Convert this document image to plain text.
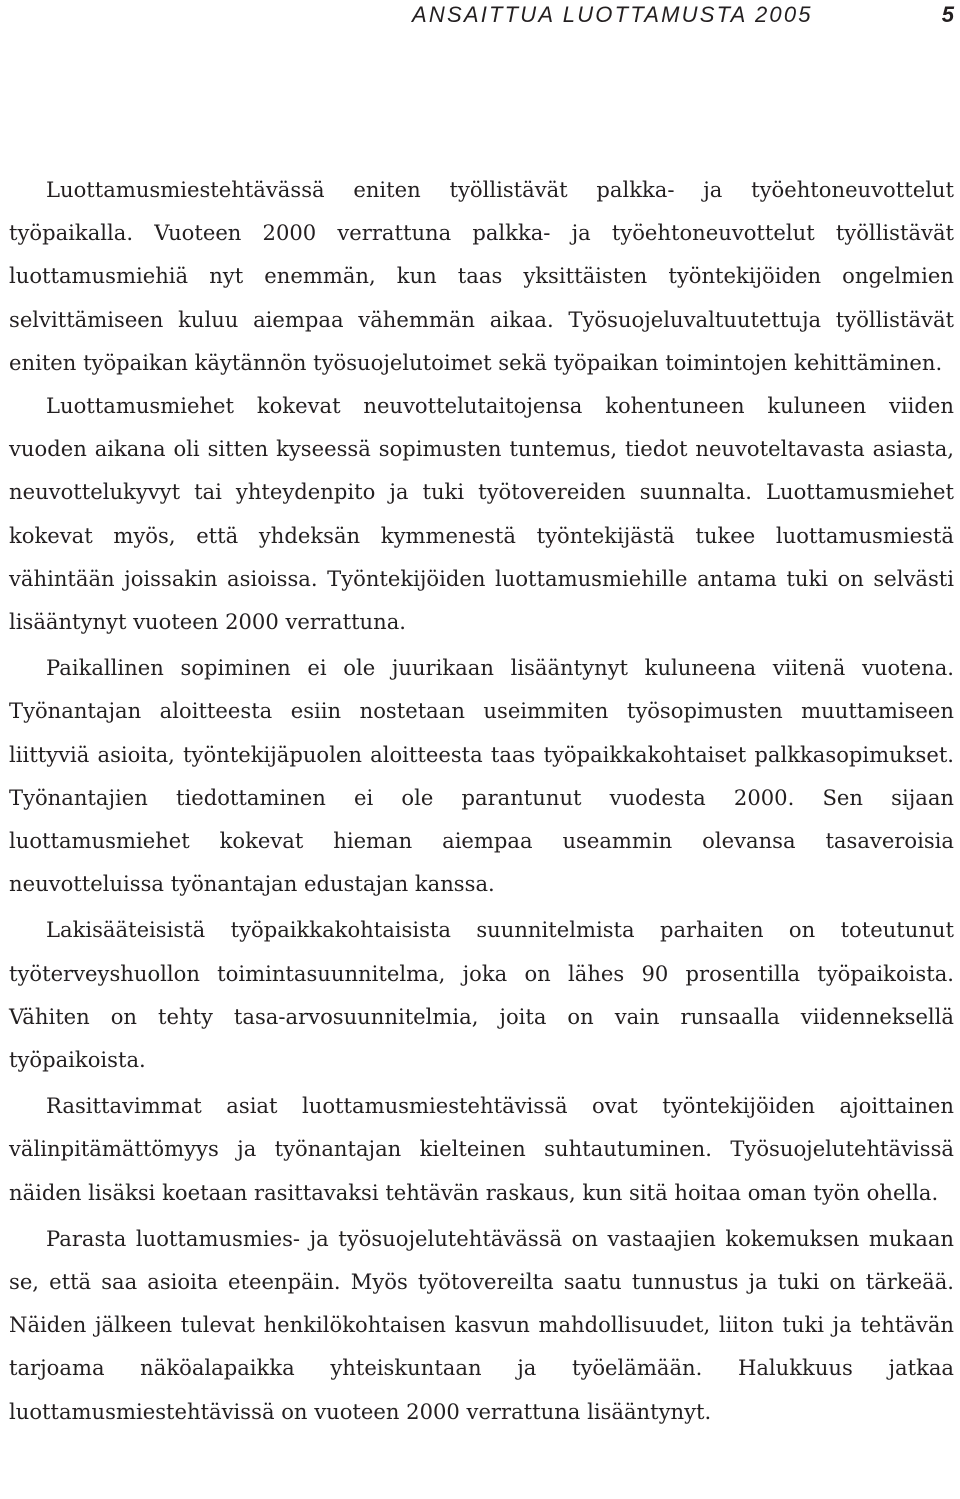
ANSAITTUA LUOTTAMUSTA 2005	5

Luottamusmiestehtävässä eniten työllistävät palkka- ja työehtoneuvottelut työpaikalla. Vuoteen 2000 verrattuna palkka- ja työehtoneuvottelut työllistävät luottamusmiehiä nyt enemmän, kun taas yksittäisten työntekijöiden ongelmien selvittämiseen kuluu aiempaa vähemmän aikaa. Työsuojeluvaltuutettuja työllistävät eniten työpaikan käytännön työsuojelutoimet sekä työpaikan toimintojen kehittäminen.

Luottamusmiehet kokevat neuvottelutaitojensa kohentuneen kuluneen viiden vuoden aikana oli sitten kyseessä sopimusten tuntemus, tiedot neuvoteltavasta asiasta, neuvottelukyvyt tai yhteydenpito ja tuki työtovereiden suunnalta. Luottamusmiehet kokevat myös, että yhdeksän kymmenestä työntekijästä tukee luottamusmiestä vähintään joissakin asioissa. Työntekijöiden luottamusmiehille antama tuki on selvästi lisääntynyt vuoteen 2000 verrattuna.

Paikallinen sopiminen ei ole juurikaan lisääntynyt kuluneena viitenä vuotena. Työnantajan aloitteesta esiin nostetaan useimmiten työsopimusten muuttamiseen liittyviä asioita, työntekijäpuolen aloitteesta taas työpaikkakohtaiset palkkasopimukset. Työnantajien tiedottaminen ei ole parantunut vuodesta 2000. Sen sijaan luottamusmiehet kokevat hieman aiempaa useammin olevansa tasaveroisia neuvotteluissa työnantajan edustajan kanssa.

Lakisääteisistä työpaikkakohtaisista suunnitelmista parhaiten on toteutunut työterveyshuollon toimintasuunnitelma, joka on lähes 90 prosentilla työpaikoista. Vähiten on tehty tasa-arvosuunnitelmia, joita on vain runsaalla viidenneksellä työpaikoista.

Rasittavimmat asiat luottamusmiestehtävissä ovat työntekijöiden ajoittainen välinpitämättömyys ja työnantajan kielteinen suhtautuminen. Työsuojelutehtävissä näiden lisäksi koetaan rasittavaksi tehtävän raskaus, kun sitä hoitaa oman työn ohella.

Parasta luottamusmies- ja työsuojelutehtävässä on vastaajien kokemuksen mukaan se, että saa asioita eteenpäin. Myös työtovereilta saatu tunnustus ja tuki on tärkeää. Näiden jälkeen tulevat henkilökohtaisen kasvun mahdollisuudet, liiton tuki ja tehtävän tarjoama näköalapaikka yhteiskuntaan ja työelämään. Halukkuus jatkaa luottamusmiestehtävissä on vuoteen 2000 verrattuna lisääntynyt.
